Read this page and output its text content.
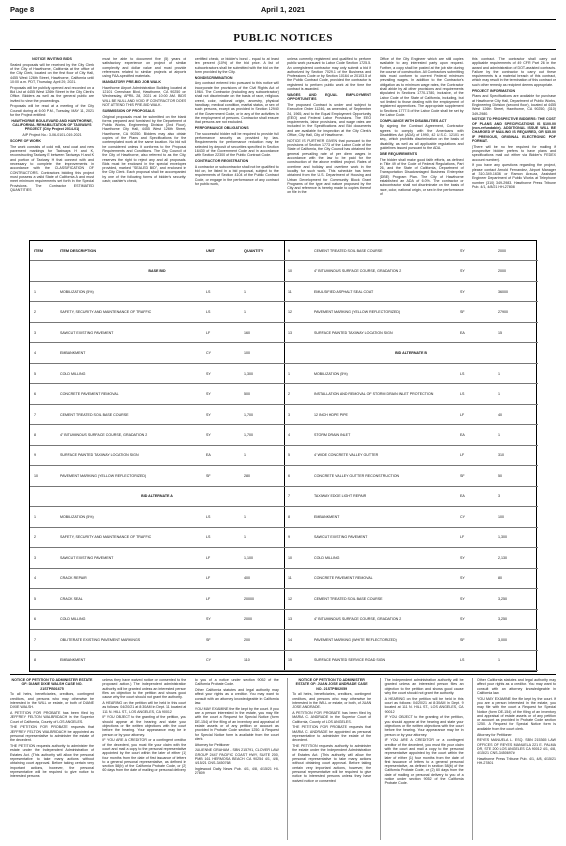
Page 8	April 1, 2021
PUBLIC NOTICES

NOTICE INVITING BIDS

Sealed proposals will be received by the City Clerk of the City of Hawthorne, California at the office of the City Clerk, located on the first floor of City Hall, 4455 West 126th Street, Hawthorne, California until 10:00 a.m. PDT, Thursday, April 29, 2021.

Proposals will be publicly opened and recorded on a Bid List at 4455 West 126th Street in the City Clerk's Office. Bidders as well as the general public are invited to view the proceedings.

Proposals will be read at a meeting of the City Council during at 6:00 P.M., Tuesday, MAY 11, 2021 for the Project entitled:

HAWTHORNE BOULEVARD AND HAWTHORNE, CALIFORNIA. REHABILITATION OF TAXIWAYS PROJECT (City Project 2014-01)

AIP Project No.: 3-06-0101-019-2021

SCOPE OF WORK

The work consists of cold mill, seal coat and new pavement markings for Taxiways H and K, reconstructing Taxiway E between Taxiways H and K and portion of Taxiway H that connect with and necessary to complete the improvements in accordance with the CLASSIFICATION OF CONTRACTORS. Contractors bidding this project must possess a valid State of California A and must meet minimum requirements set forth in the Special Provisions. The Contractor ESTIMATED QUANTITIES

must be able to document five (5) years of satisfactory experience on project of similar complexity and dollar value and must provide references related to similar projects at airports using FAA-specified materials.

MANDATORY PRE-BID JOB WALK

Hawthorne Airport Administration Building located at 12101 Crenshaw Blvd, Hawthorne, CA 90250 on Wednesday, APRIL 28, 2021 at 10:00 AM. BIDS WILL BE NULL AND VOID IF CONTRACTOR DOES NOT ATTEND THIS PRE-BID WALK.

SUBMISSION OF PROPOSALS

Original proposals must be submitted on the blank forms prepared and furnished by the Department of Public Works, Engineering Division (2nd Floor), Hawthorne City Hall, 4455 West 126th Street, Hawthorne, CA 90250. Bidders may also obtain copies of the Plans and Specifications for the contemplated work at the same location. No bid will be considered unless it conforms to the Proposal Requirements and Conditions. The City Council of the City of Hawthorne, also referred to as the City, reserves the right to reject any and all proposals. Bids must be enclosed in the special envelopes provided, marked "SEALED BID", and enclosed in the City Clerk. Each proposal shall be accompanied by one of the following forms of bidder's security: cash; cashier's check,

certified check, or bidder's bond - equal to at least ten percent (10%) of the bid price. A list of subcontractors shall be submitted with the bid on the form provided by the City.

NONDISCRIMINATION

Any contract entered into pursuant to this notice will incorporate the provisions of the Civil Rights Act of 1964. The Contractor (including any subcontractor) shall not discriminate on the basis of race, religious creed, color, national origin, ancestry, physical handicap, medical condition, marital status, or sex of such persons, except as provided in Section 12940 of the Government Code, or in any of the activities in the employment of persons. Contractor shall ensure that persons are not excluded.

PERFORMANCE OBLIGATIONS

The successful bidder will be required to provide full performance security as provided by law. Requirements for performance reduction may be selected by deposit of securities specified in Section 16430 of the Government Code and in accordance with Section 22300 of the Public Contract Code.

CONTRACTOR REGISTRATION

A contractor or subcontractor shall not be qualified to bid on, be listed in a bid proposal, subject to the requirements of Section 4104 of the Public Contract Code, or engage in the performance of any contract for public work,

unless currently registered and qualified to perform public work pursuant to Labor Code Section 1725.5. An unregistered contractor may only submit a bid if authorized by Section 7029.1 of the Business and Professions Code or by Section 10164 or 20103.5 of the Public Contract Code, provided the contractor is registered to perform public work at the time the contract is awarded.

WAGES AND EQUAL EMPLOYMENT OPPORTUNITIES

The proposed Contract is under and subject to Executive Order 11246, as amended, of September 24, 1965, and to the Equal Employment Opportunity (EEO) and Federal Labor Provisions. The EEO requirements, labor provisions, and wage rates are included in the Specifications and Bid documents and are available for inspection at the City Clerk's Office, City Hall, City of Hawthorne.

NOTICE IS FURTHER GIVEN that pursuant to the provisions of Section 1773 of the Labor Code of the State of California, the City Council has obtained the general prevailing rate of per diem wages in accordance with the law to be paid for the construction of the above entitled project. Rates of overtime and holiday and overtime work in the locality for such work. This schedule has been obtained from the U.S. Department of Housing and Urban Development for Community Block Grant Programs of the type and nature proposed by the City and reference is hereby made to copies thereof on file in the

Office of the City Engineer which are still copies available to any interested party upon request. Further, a copy shall be posted at the job site during the course of construction. All Contractors submitting bids must conform to current Federal minimum prevailing wages. In addition to the Contractor's obligation as to minimum wage rates, the Contractor shall abide by all other provisions and requirements stipulated in Sections 1770-1780, inclusive, of the Labor Code of the State of California, including, but not limited to those dealing with the employment of registered apprentices. The appropriate supplement to Sections 1777.5 of the Labor Code shall be set by the Labor Code.

COMPLIANCE WITH DISABILITIES ACT

By signing the Contract Agreement, Contractor agrees to comply with the Americans with Disabilities Act (ADA) of 1990, 42 U.S.C. 12101 et seq., which prohibits discrimination on the basis of disability, as well as all applicable regulations and guidelines issued pursuant to the ADA.

DBE REQUIREMENTS

The bidder shall make good faith efforts, as defined in Title 49 of the Code of Federal Regulations, Part 26, and the State of California, Department of Transportation Disadvantaged Business Enterprise (DBE) Program Plan. The City of Hawthorne established an ADA of 6.0%. The contractor or subcontractor shall not discriminate on the basis of race, color, national origin, or sex in the performance of

this contract. The contractor shall carry out applicable requirements of 49 CFR Part 26 in the award and administration of DOT-assisted contracts. Failure by the contractor to carry out these requirements is a material breach of this contract, which may result in the termination of this contract or such other remedy as recipient deems appropriate.

PROJECT INFORMATION

Plans and Specifications are available for purchase at Hawthorne City Hall, Department of Public Works, Engineering Division (second floor), located at 4455 West 126th Street, Hawthorne, CA 90250, (310) 349-2980.

NOTICE TO PROSPECTIVE BIDDERS: THE COST OF PLANS AND SPECIFICATIONS IS $100.00 (non-refundable). ADDITIONAL ISSUE WILL BE CHARGED IF MAILING IS REQUIRED, OR $35.00 IF PREVIOUS, ORIGINAL ELECTRONIC PDF FORMAT.

(There will be no fee required for mailing if prospective bidder prefers to have plans and specifications mail out either via Bidder's FEDEX account number).

If you have any questions regarding the project, please contact Arnold Fernandez, Airport Manager at 310-349-1636 or Ramon Arzuza, Assistant Engineer Department of Public Works at Telephone number (310) 349-2983. Hawthorne Press Tribune Pub. 4/1, 4/8/21 HH-27808

ITEM	ITEM DESCRIPTION	UNIT	QUANTITY
BASE BID
1	MOBILIZATION (5%)	LS	1
2	SAFETY, SECURITY AND MAINTENANCE OF TRAFFIC	LS	1
3	SAWCUT EXISTING PAVEMENT	LF	160
4	EMBANKMENT	CY	100
5	COLD MILLING	SY	1,300
6	CONCRETE PAVEMENT REMOVAL	SY	500
7	CEMENT TREATED SOIL BASE COURSE	SY	1,700
8	4" BITUMINOUS SURFACE COURSE, GRADATION 2	SY	1,700
9	SURFACE PAINTED TAXIWAY LOCATION SIGN	EA	1
10	PAVEMENT MARKING (YELLOW REFLECTORIZED)	SF	280
BID ALTERNATE A
1	MOBILIZATION (5%)	LS	1
2	SAFETY, SECURITY AND MAINTENANCE OF TRAFFIC	LS	1
3	SAWCUT EXISTING PAVEMENT	LF	1,100
4	CRACK REPAIR	LF	400
5	CRACK SEAL	LF	20000
6	COLD MILLING	SY	2000
7	OBLITERATE EXISTING PAVEMENT MARKINGS	SF	200
8	EMBANKMENT	CY	110
9	CEMENT TREATED SOIL BASE COURSE	SY	2000
10	4" BITUMINOUS SURFACE COURSE, GRADATION 2	SY	2000
11	EMULSIFIED ASPHALT SEAL COAT	SY	36000
12	PAVEMENT MARKING (YELLOW REFLECTORIZED)	SF	27900
13	SURFACE PAINTED TAXIWAY LOCATION SIGN	EA	15
BID ALTERNATE B
1	MOBILIZATION (5%)	LS	1
2	INSTALLATION AND REMOVAL OF STORM DRAIN INLET PROTECTION	LS	1
3	12 INCH HDPE PIPE	LF	40
4	STORM DRAIN INLET	EA	1
5	4' WIDE CONCRETE VALLEY GUTTER	LF	310
6	CONCRETE VALLEY GUTTER RECONSTRUCTION	SF	50
7	TAXIWAY EDGE LIGHT REPAIR	EA	3
8	EMBANKMENT	CY	100
9	SAWCUT EXISTING PAVEMENT	LF	1,300
10	COLD MILLING	SY	2,130
11	CONCRETE PAVEMENT REMOVAL	SY	80
12	CEMENT TREATED SOIL BASE COURSE	SY	3,250
13	4" BITUMINOUS SURFACE COURSE, GRADATION 2	SY	3,250
14	PAVEMENT MARKING (WHITE REFLECTORIZED)	SF	3,000
15	SURFACE PAINTED SERVICE ROAD SIGN	LS	1

NOTICE OF PETITION TO ADMINISTER ESTATE OF: DIANE DIXIE WALSH CASE NO. 21STPB01675

To all heirs, beneficiaries, creditors, contingent creditors, and persons who may otherwise be interested in the WILL or estate, or both of DIANE DIXIE WALSH.

A PETITION FOR PROBATE has been filed by JEFFREY FELTON WALBRIDACH in the Superior Court of California, County of LOS ANGELES.

THE PETITION FOR PROBATE requests that JEFFREY FELTON WALBRIDACH be appointed as personal representative to administer the estate of the decedent.

THE PETITION requests authority to administer the estate under the Independent Administration of Estates Act. (This authority will allow the personal representative to take many actions without obtaining court approval. Before taking certain very important actions, however, the personal representative will be required to give notice to interested persons

unless they have waived notice or consented to the proposed action.) The independent administration authority will be granted unless an interested person files an objection to the petition and shows good cause why the court should not grant the authority.

A HEARING on the petition will be held in this court as follows: 04/20/21 at 8:30AM in Dept. 11 located at 111 N. HILL ST., LOS ANGELES, CA 90012

IF YOU OBJECT to the granting of the petition, you should appear at the hearing and state your objections or file written objections with the court before the hearing. Your appearance may be in person or by your attorney.

IF YOU ARE A CREDITOR or a contingent creditor of the decedent, you must file your claim with the court and mail a copy to the personal representative appointed by the court within the later of either (1) four months from the date of first issuance of letters to a general personal representative, as defined in section 58(b) of the California Probate Code, or (2) 60 days from the date of mailing or personal delivery

to you of a notice under section 9052 of the California Probate Code.

Other California statutes and legal authority may affect your rights as a creditor. You may want to consult with an attorney knowledgeable in California law.

YOU MAY EXAMINE the file kept by the court. If you are a person interested in the estate, you may file with the court a Request for Special Notice (form DE-154) of the filing of an inventory and appraisal of estate assets or of any petition or account as provided in Probate Code section 1250. A Request for Special Notice form is available from the court clerk.

Attorney for Petitioner

JULIENNE GRAHAM - SBN 215791, CLOVER LAW GROUP 2447 PACIFIC COAST HWY, SUITE 200, PMB 161 HERMOSA BEACH CA 90254 4/1, 4/8, 4/15/21 CNS-3450768

Inglewood Daily News Pub. 4/1, 4/8, 4/15/21 HI-27809

NOTICE OF PETITION TO ADMINISTER ESTATE OF: JUAN JOSE ANDRADE CASE NO. 21STPB02059

To all heirs, beneficiaries, creditors, contingent creditors, and persons who may otherwise be interested in the WILL or estate, or both, of JUAN JOSE ANDRADE.

A PETITION FOR PROBATE has been filed by MARIA C. ANDRADE in the Superior Court of California, County of LOS ANGELES.

THE PETITION FOR PROBATE requests that MARIA C. ANDRADE be appointed as personal representative to administer the estate of the decedent.

THE PETITION requests authority to administer the estate under the Independent Administration of Estates Act. (This authority will allow the personal representative to take many actions without obtaining court approval. Before taking certain very important actions, however, the personal representative will be required to give notice to interested persons unless they have waived notice or consented

The independent administration authority will be granted unless an interested person files an objection to the petition and shows good cause why the court should not grant the authority.

A HEARING on the petition will be held in this court as follows: 04/20/21 at 8:30AM in Dept. 9 located at 111 N. HILL ST., LOS ANGELES, CA 90012

IF YOU OBJECT to the granting of the petition, you should appear at the hearing and state your objections or file written objections with the court before the hearing. Your appearance may be in person or by your attorney.

IF YOU ARE A CREDITOR or a contingent creditor of the decedent, you must file your claim with the court and mail a copy to the personal representative appointed by the court within the later of either (1) four months from the date of first issuance of letters to a general personal representative, as defined in section 58(b) of the California Probate Code, or (2) 60 days from the date of mailing or personal delivery to you of a notice under section 9052 of the California Probate Code.

Other California statutes and legal authority may affect your rights as a creditor. You may want to consult with an attorney knowledgeable in California law.

YOU MAY EXAMINE the file kept by the court. If you are a person interested in the estate, you may file with the court a Request for Special Notice (form DE-154) of the filing of an inventory and appraisal of estate assets or of any petition or account as provided in Probate Code section 1250. A Request for Special Notice form is available from the court clerk.

Attorney for Petitioner

REYES MANUELA L. ESQ. SBN 215365 LAW OFFICES OF REYES MANUELA 221 E. PALMA DR, STE 200 LOS ANGELES CA 90012 4/1, 4/8, 4/15/21 CNS-3450697#

Hawthorne Press Tribune Pub. 4/1, 4/8, 4/15/21 HH-27801
